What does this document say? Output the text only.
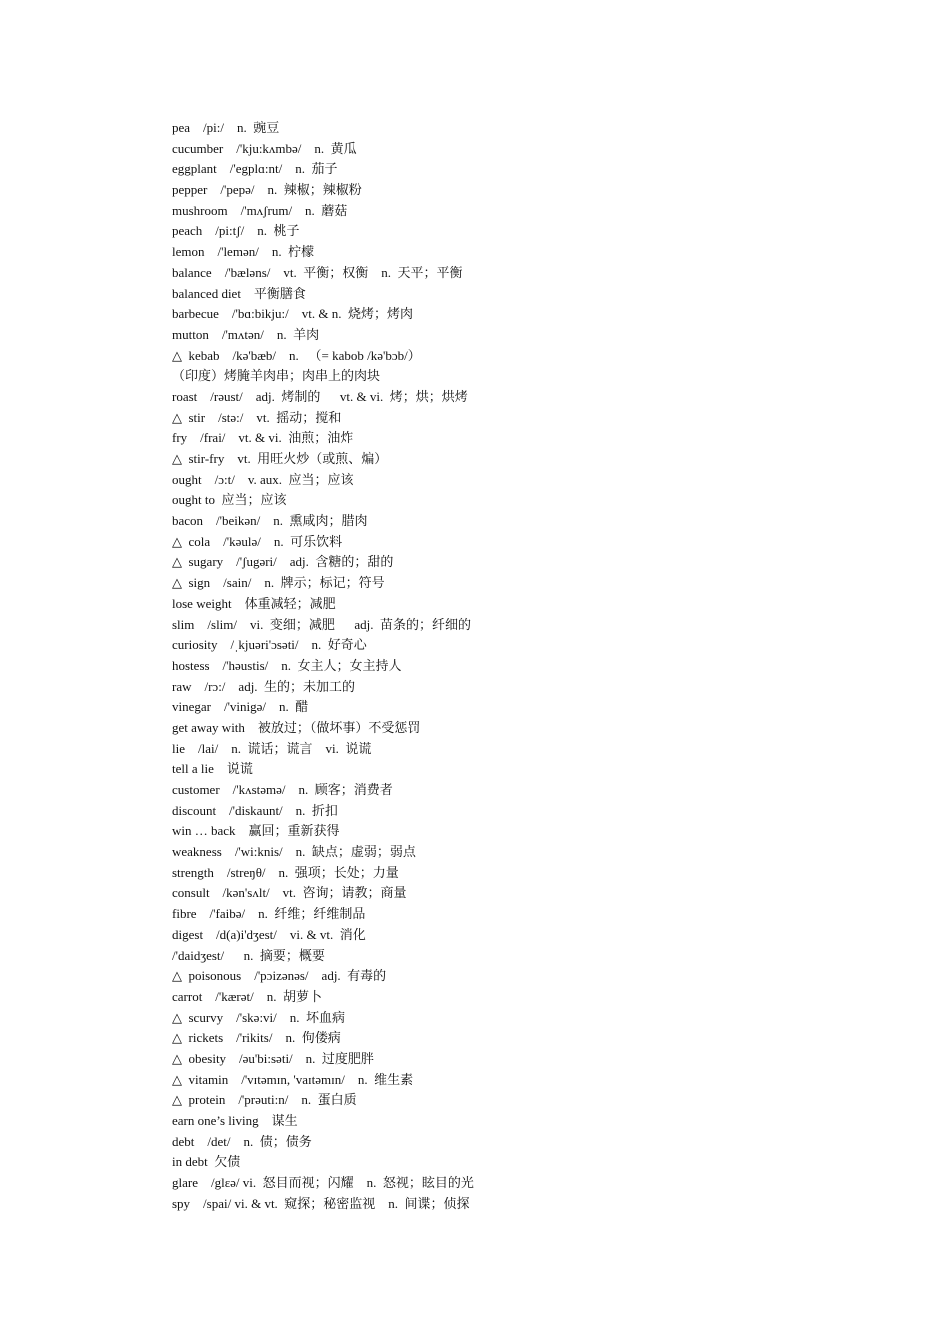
pea    /pi:/    n.  豌豆
cucumber    /'kju:kʌmbə/    n.  黄瓜
eggplant    /'egplɑ:nt/    n.  茄子
pepper    /'pepə/    n.  辣椒；辣椒粉
mushroom    /'mʌʃrum/    n.  蘑菇
peach    /pi:tʃ/    n.  桃子
lemon    /'lemən/    n.  柠檬
balance    /'bæləns/    vt.  平衡；权衡    n.  天平；平衡
balanced diet    平衡膳食
barbecue    /'bɑ:bikju:/    vt. & n.  烧烤；烤肉
mutton    /'mʌtən/    n.  羊肉
△  kebab    /kə'bæb/    n.   （= kabob /kə'bɔb/）
（印度）烤腌羊肉串；肉串上的肉块
roast    /rəust/    adj.  烤制的      vt. & vi.  烤；烘；烘烤
△  stir    /stə:/    vt.  摇动；搅和
fry    /frai/    vt. & vi.  油煎；油炸
△  stir-fry    vt.  用旺火炒（或煎、煸）
ought    /ɔ:t/    v. aux.  应当；应该
ought to  应当；应该
bacon    /'beikən/    n.  熏咸肉；腊肉
△  cola    /'kəulə/    n.  可乐饮料
△  sugary    /'ʃugəri/    adj.  含糖的；甜的
△  sign    /sain/    n.  牌示；标记；符号
lose weight    体重减轻；减肥
slim    /slim/    vi.  变细；减肥      adj.  苗条的；纤细的
curiosity    /ˌkjuəri'ɔsəti/    n.  好奇心
hostess    /'həustis/    n.  女主人；女主持人
raw    /rɔ:/    adj.  生的；未加工的
vinegar    /'vinigə/    n.  醋
get away with    被放过；（做坏事）不受惩罚
lie    /lai/    n.  谎话；谎言    vi.  说谎
tell a lie    说谎
customer    /'kʌstəmə/    n.  顾客；消费者
discount    /'diskaunt/    n.  折扣
win … back    赢回；重新获得
weakness    /'wi:knis/    n.  缺点；虚弱；弱点
strength    /streŋθ/    n.  强项；长处；力量
consult    /kən'sʌlt/    vt.  咨询；请教；商量
fibre    /'faibə/    n.  纤维；纤维制品
digest    /d(a)i'dʒest/    vi. & vt.  消化
/'daidʒest/      n.  摘要；概要
△  poisonous    /'pɔizənəs/    adj.  有毒的
carrot    /'kærət/    n.  胡萝卜
△  scurvy    /'skə:vi/    n.  坏血病
△  rickets    /'rikits/    n.  佝偻病
△  obesity    /əu'bi:səti/    n.  过度肥胖
△  vitamin    /'vɪtəmɪn, 'vaɪtəmɪn/    n.  维生素
△  protein    /'prəuti:n/    n.  蛋白质
earn one’s living    谋生
debt    /det/    n.  债；债务
in debt  欠债
glare    /glɛə/ vi.  怒目而视；闪耀    n.  怒视；眩目的光
spy    /spai/ vi. & vt.  窥探；秘密监视    n.  间谍；侦探
